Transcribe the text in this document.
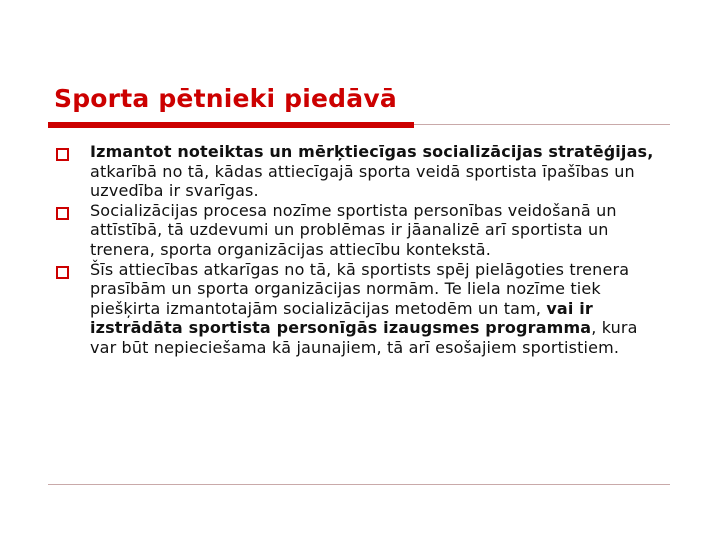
Sporta pētnieki piedāvā
Izmantot noteiktas un mērķtiecīgas socializācijas stratēģijas, atkarībā no tā, kādas attiecīgajā sporta veidā sportista īpašības un uzvedība ir svarīgas.
Socializācijas procesa nozīme sportista personības veidošanā un attīstībā, tā uzdevumi un problēmas ir jāanalizē arī sportista un trenera, sporta organizācijas attiecību kontekstā.
Šīs attiecības atkarīgas no tā, kā sportists spēj pielāgoties trenera prasībām un sporta organizācijas normām. Te liela nozīme tiek piešķirta izmantotajām socializācijas metodēm un tam, vai ir izstrādāta sportista personīgās izaugsmes programma, kura var būt nepieciešama kā jaunajiem, tā arī esošajiem sportistiem.
